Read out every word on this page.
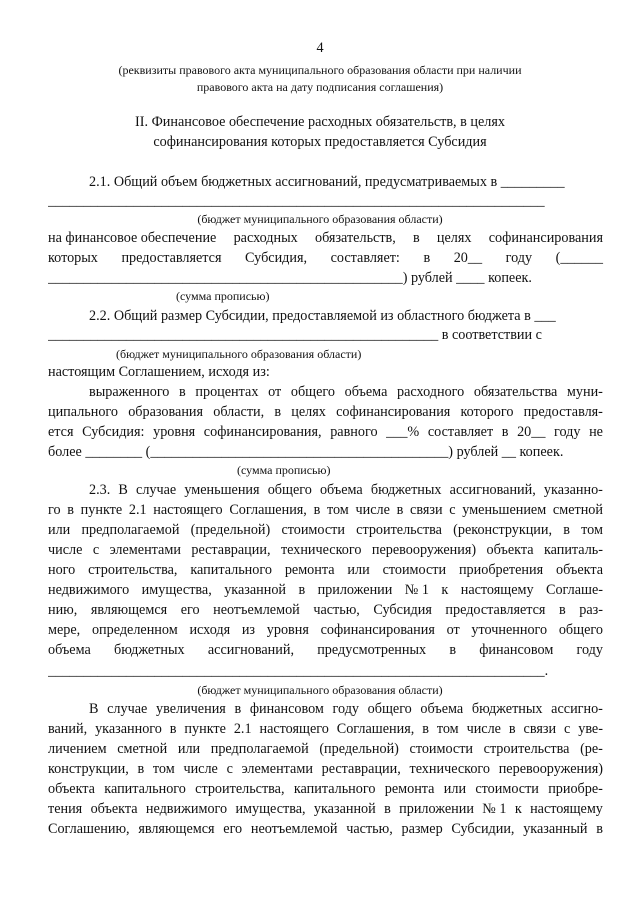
4
(реквизиты правового акта муниципального образования области при наличии
правового акта на дату подписания соглашения)
II. Финансовое обеспечение расходных обязательств, в целях
софинансирования которых предоставляется Субсидия
2.1. Общий объем бюджетных ассигнований, предусматриваемых в _________
______________________________________________________________________
(бюджет муниципального образования области)
на финансовое обеспечение расходных обязательств, в целях софинансирования
которых предоставляется Субсидия, составляет: в 20__ году (______
__________________________________________________) рублей ____ копеек.
(сумма прописью)
2.2. Общий размер Субсидии, предоставляемой из областного бюджета в ___
_______________________________________________________ в соответствии с
(бюджет муниципального образования области)
настоящим Соглашением, исходя из:
выраженного в процентах от общего объема расходного обязательства муни-
ципального образования области, в целях софинансирования которого предоставля-
ется Субсидия: уровня софинансирования, равного ___% составляет в 20__ году не
более ________ (__________________________________________) рублей __ копеек.
(сумма прописью)
2.3. В случае уменьшения общего объема бюджетных ассигнований, указанно-
го в пункте 2.1 настоящего Соглашения, в том числе в связи с уменьшением сметной
или предполагаемой (предельной) стоимости строительства (реконструкции, в том
числе с элементами реставрации, технического перевооружения) объекта капиталь-
ного строительства, капитального ремонта или стоимости приобретения объекта
недвижимого имущества, указанной в приложении № 1 к настоящему Соглаше-
нию, являющемся его неотъемлемой частью, Субсидия предоставляется в раз-
мере, определенном исходя из уровня софинансирования от уточненного общего
объема бюджетных ассигнований, предусмотренных в финансовом году
______________________________________________________________________.
(бюджет муниципального образования области)
В случае увеличения в финансовом году общего объема бюджетных ассигно-
ваний, указанного в пункте 2.1 настоящего Соглашения, в том числе в связи с уве-
личением сметной или предполагаемой (предельной) стоимости строительства (ре-
конструкции, в том числе с элементами реставрации, технического перевооружения)
объекта капитального строительства, капитального ремонта или стоимости приобре-
тения объекта недвижимого имущества, указанной в приложении № 1 к настоящему
Соглашению, являющемся его неотъемлемой частью, размер Субсидии, указанный в
